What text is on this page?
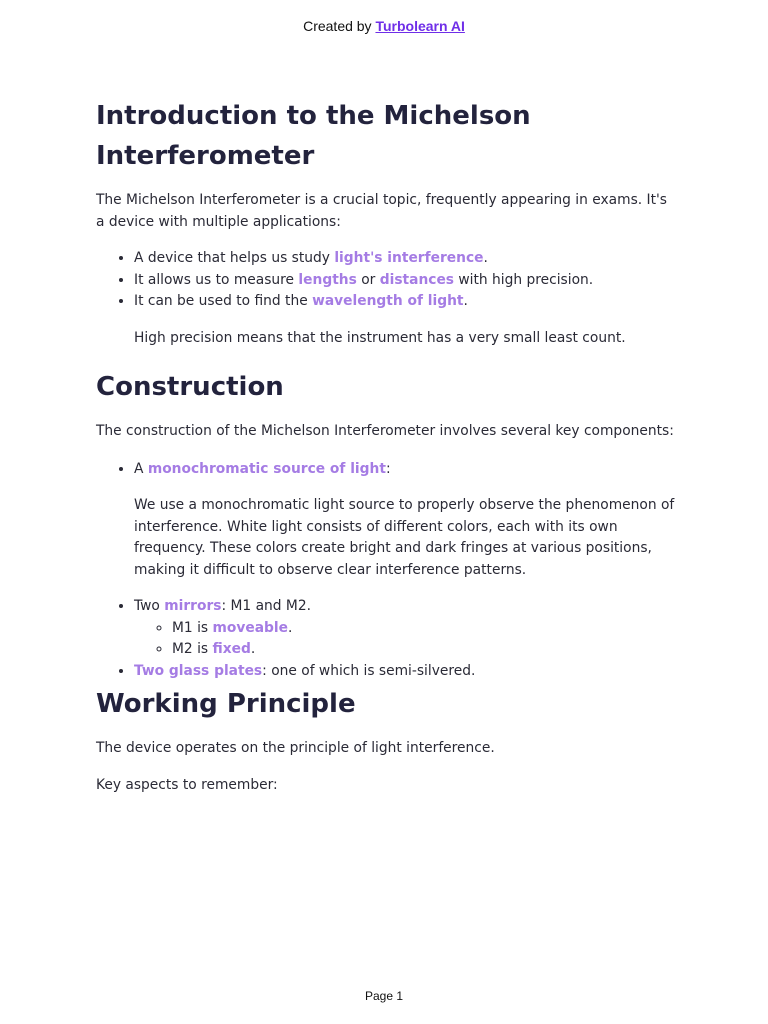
Created by Turbolearn AI
Introduction to the Michelson Interferometer

The Michelson Interferometer is a crucial topic, frequently appearing in exams. It's a device with multiple applications:

• A device that helps us study light's interference.
• It allows us to measure lengths or distances with high precision.
• It can be used to find the wavelength of light.

High precision means that the instrument has a very small least count.

Construction

The construction of the Michelson Interferometer involves several key components:

• A monochromatic source of light:

We use a monochromatic light source to properly observe the phenomenon of interference. White light consists of different colors, each with its own frequency. These colors create bright and dark fringes at various positions, making it difficult to observe clear interference patterns.

• Two mirrors: M1 and M2.
◦ M1 is moveable.
◦ M2 is fixed.
• Two glass plates: one of which is semi-silvered.
Working Principle

The device operates on the principle of light interference.

Key aspects to remember:

Page 1
